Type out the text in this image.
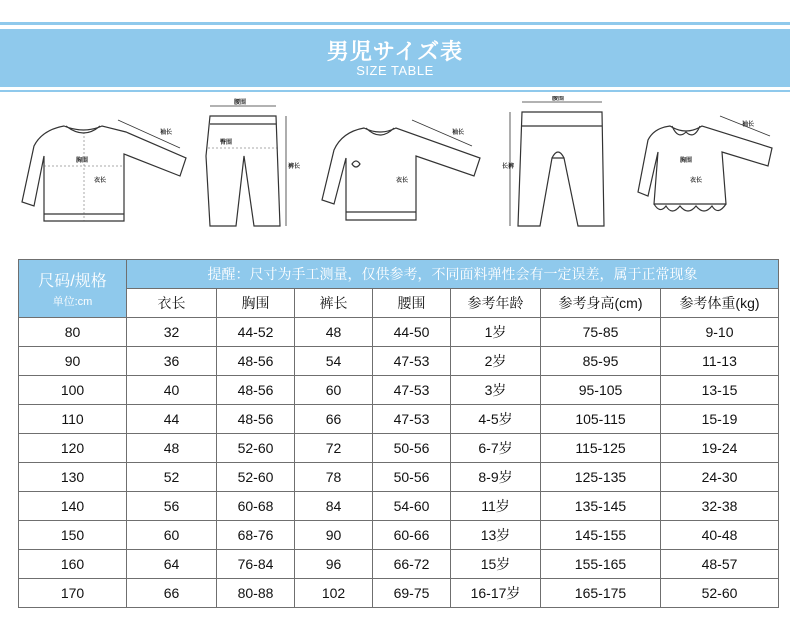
男児サイズ表
SIZE TABLE
袖长
胸围
衣长
腰围
臀围
裤长
袖长
衣长
腰围
长裤
袖长
胸围
衣长
尺码/规格
单位:cm	提醒：尺寸为手工测量，仅供参考，不同面料弹性会有一定误差，属于正常现象						
	衣长	胸围	裤长	腰围	参考年龄	参考身高(cm)	参考体重(kg)
80	32	44-52	48	44-50	1岁	75-85	9-10
90	36	48-56	54	47-53	2岁	85-95	11-13
100	40	48-56	60	47-53	3岁	95-105	13-15
110	44	48-56	66	47-53	4-5岁	105-115	15-19
120	48	52-60	72	50-56	6-7岁	115-125	19-24
130	52	52-60	78	50-56	8-9岁	125-135	24-30
140	56	60-68	84	54-60	11岁	135-145	32-38
150	60	68-76	90	60-66	13岁	145-155	40-48
160	64	76-84	96	66-72	15岁	155-165	48-57
170	66	80-88	102	69-75	16-17岁	165-175	52-60
